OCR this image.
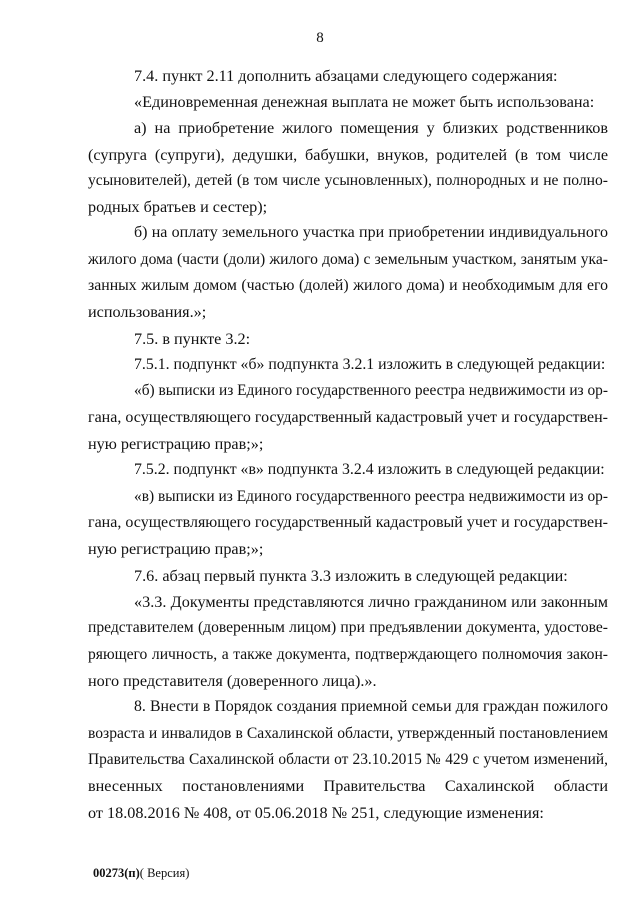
8
7.4. пункт 2.11 дополнить абзацами следующего содержания:
«Единовременная денежная выплата не может быть использована:
а) на приобретение жилого помещения у близких родственников
(супруга (супруги), дедушки, бабушки, внуков, родителей (в том числе
усыновителей), детей (в том числе усыновленных), полнородных и не полно-
родных братьев и сестер);
б) на оплату земельного участка при приобретении индивидуального
жилого дома (части (доли) жилого дома) с земельным участком, занятым ука-
занных жилым домом (частью (долей) жилого дома) и необходимым для его
использования.»;
7.5. в пункте 3.2:
7.5.1. подпункт «б» подпункта 3.2.1 изложить в следующей редакции:
«б) выписки из Единого государственного реестра недвижимости из ор-
гана, осуществляющего государственный кадастровый учет и государствен-
ную регистрацию прав;»;
7.5.2. подпункт «в» подпункта 3.2.4 изложить в следующей редакции:
«в) выписки из Единого государственного реестра недвижимости из ор-
гана, осуществляющего государственный кадастровый учет и государствен-
ную регистрацию прав;»;
7.6. абзац первый пункта 3.3 изложить в следующей редакции:
«3.3. Документы представляются лично гражданином или законным
представителем (доверенным лицом) при предъявлении документа, удостове-
ряющего личность, а также документа, подтверждающего полномочия закон-
ного представителя (доверенного лица).».
8. Внести в Порядок создания приемной семьи для граждан пожилого
возраста и инвалидов в Сахалинской области, утвержденный постановлением
Правительства Сахалинской области от 23.10.2015 № 429 с учетом изменений,
внесенных постановлениями Правительства Сахалинской области
от 18.08.2016 № 408, от 05.06.2018 № 251, следующие изменения:
00273(п)( Версия)
